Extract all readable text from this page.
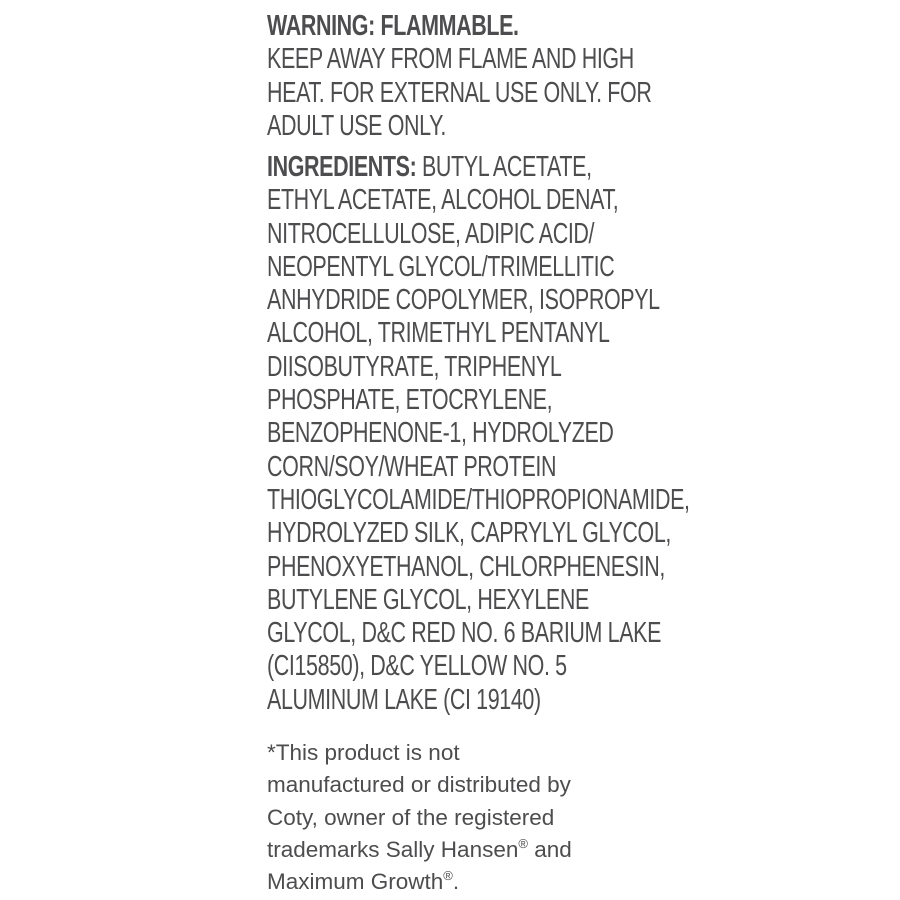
WARNING: FLAMMABLE.
KEEP AWAY FROM FLAME AND HIGH
HEAT. FOR EXTERNAL USE ONLY. FOR
ADULT USE ONLY.
INGREDIENTS: BUTYL ACETATE,
ETHYL ACETATE, ALCOHOL DENAT,
NITROCELLULOSE, ADIPIC ACID/
NEOPENTYL GLYCOL/TRIMELLITIC
ANHYDRIDE COPOLYMER, ISOPROPYL
ALCOHOL, TRIMETHYL PENTANYL
DIISOBUTYRATE, TRIPHENYL
PHOSPHATE, ETOCRYLENE,
BENZOPHENONE-1, HYDROLYZED
CORN/SOY/WHEAT PROTEIN
THIOGLYCOLAMIDE/THIOPROPIONAMIDE,
HYDROLYZED SILK, CAPRYLYL GLYCOL,
PHENOXYETHANOL, CHLORPHENESIN,
BUTYLENE GLYCOL, HEXYLENE
GLYCOL, D&C RED NO. 6 BARIUM LAKE
(CI15850), D&C YELLOW NO. 5
ALUMINUM LAKE (CI 19140)
*This product is not
manufactured or distributed by
Coty, owner of the registered
trademarks Sally Hansen® and
Maximum Growth®.
